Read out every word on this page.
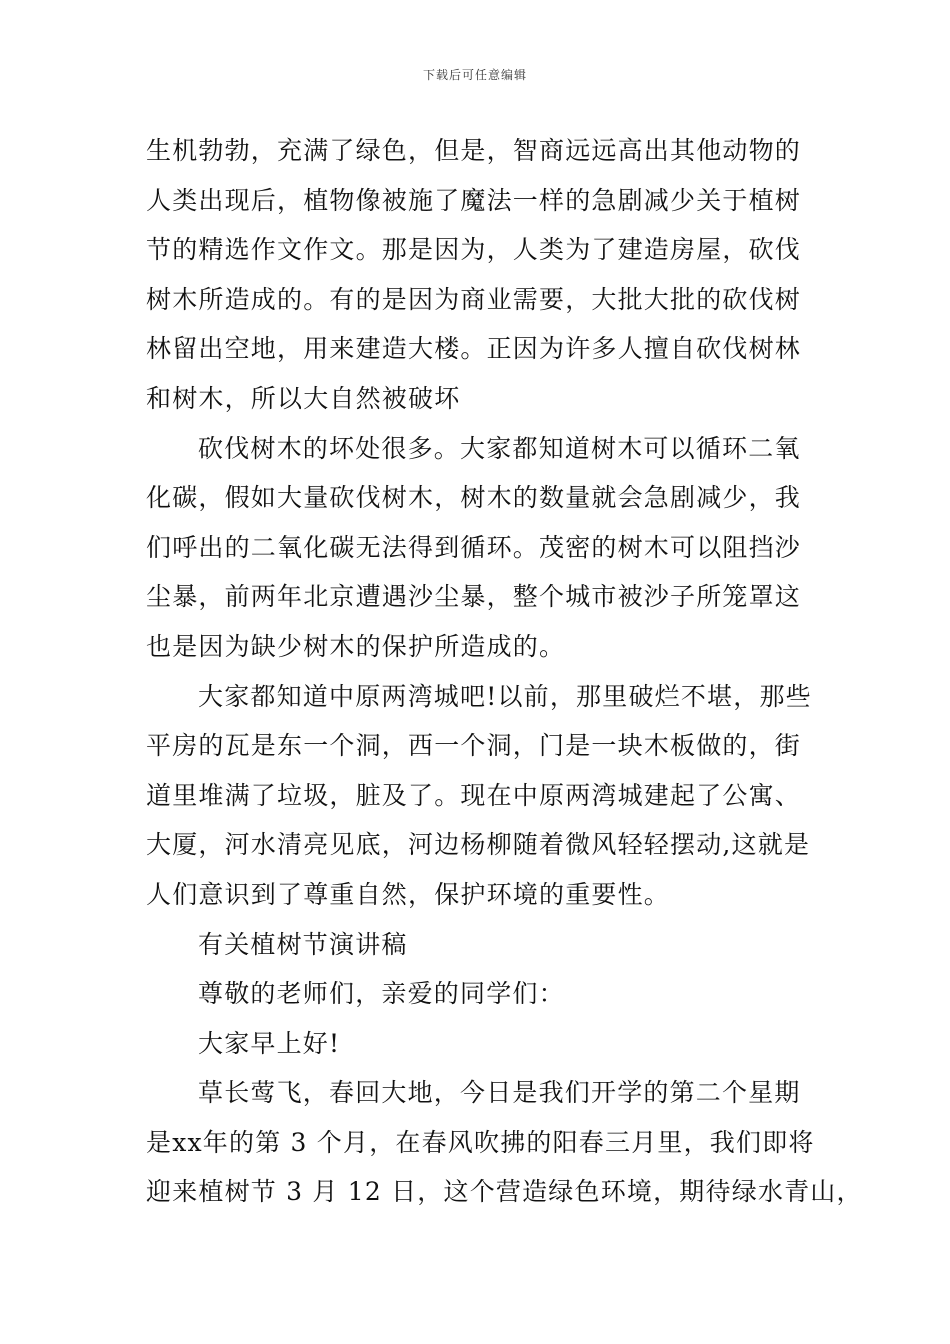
下载后可任意编辑
生机勃勃，充满了绿色，但是，智商远远高出其他动物的
人类出现后，植物像被施了魔法一样的急剧减少关于植树
节的精选作文作文。那是因为，人类为了建造房屋，砍伐
树木所造成的。有的是因为商业需要，大批大批的砍伐树
林留出空地，用来建造大楼。正因为许多人擅自砍伐树林
和树木，所以大自然被破坏
砍伐树木的坏处很多。大家都知道树木可以循环二氧
化碳，假如大量砍伐树木，树木的数量就会急剧减少，我
们呼出的二氧化碳无法得到循环。茂密的树木可以阻挡沙
尘暴，前两年北京遭遇沙尘暴，整个城市被沙子所笼罩这
也是因为缺少树木的保护所造成的。
大家都知道中原两湾城吧!以前，那里破烂不堪，那些
平房的瓦是东一个洞，西一个洞，门是一块木板做的，街
道里堆满了垃圾，脏及了。现在中原两湾城建起了公寓、
大厦，河水清亮见底，河边杨柳随着微风轻轻摆动,这就是
人们意识到了尊重自然，保护环境的重要性。
有关植树节演讲稿
尊敬的老师们，亲爱的同学们：
大家早上好!
草长莺飞，春回大地，今日是我们开学的第二个星期
是xx年的第 3 个月，在春风吹拂的阳春三月里，我们即将
迎来植树节 3 月 12 日，这个营造绿色环境，期待绿水青山，
